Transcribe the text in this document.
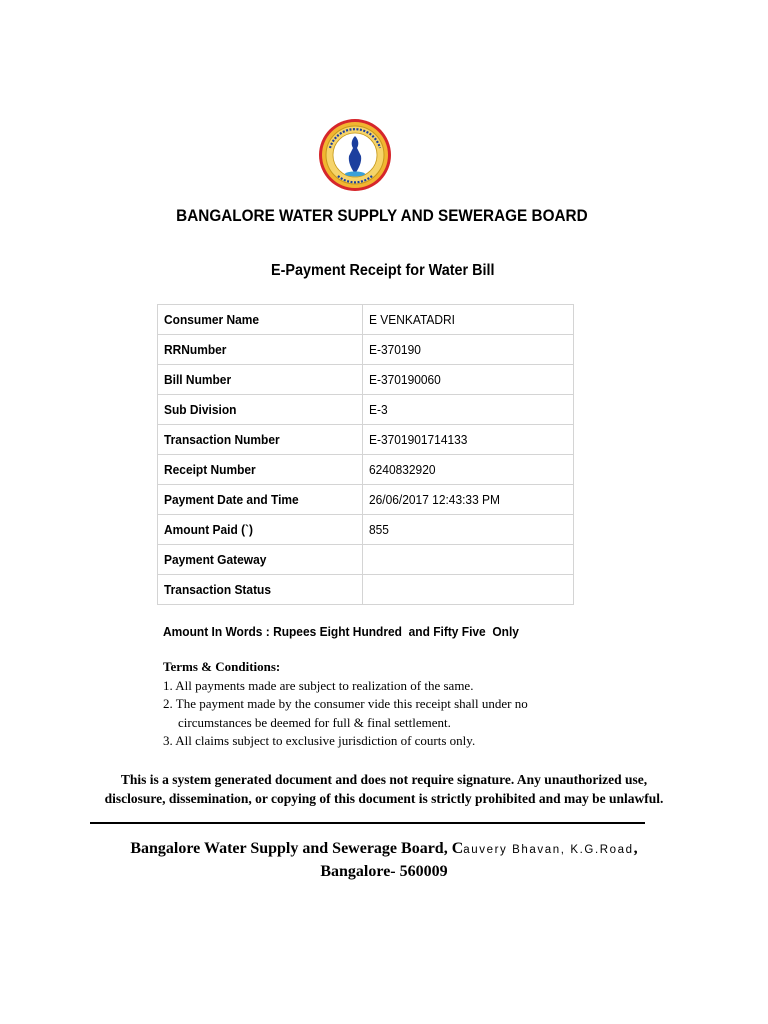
BANGALORE WATER SUPPLY AND SEWERAGE BOARD
E-Payment Receipt for Water Bill
Consumer Name	E VENKATADRI
RRNumber	E-370190
Bill Number	E-370190060
Sub Division	E-3
Transaction Number	E-3701901714133
Receipt Number	6240832920
Payment Date and Time	26/06/2017 12:43:33 PM
Amount Paid (`)	855
Payment Gateway	
Transaction Status	
Amount In Words : Rupees Eight Hundred  and Fifty Five  Only
Terms & Conditions:
1. All payments made are subject to realization of the same.
2. The payment made by the consumer vide this receipt shall under no
circumstances be deemed for full & final settlement.
3. All claims subject to exclusive jurisdiction of courts only.
This is a system generated document and does not require signature. Any unauthorized use,
disclosure, dissemination, or copying of this document is strictly prohibited and may be unlawful.
Bangalore Water Supply and Sewerage Board, Cauvery Bhavan, K.G.Road,
Bangalore- 560009
